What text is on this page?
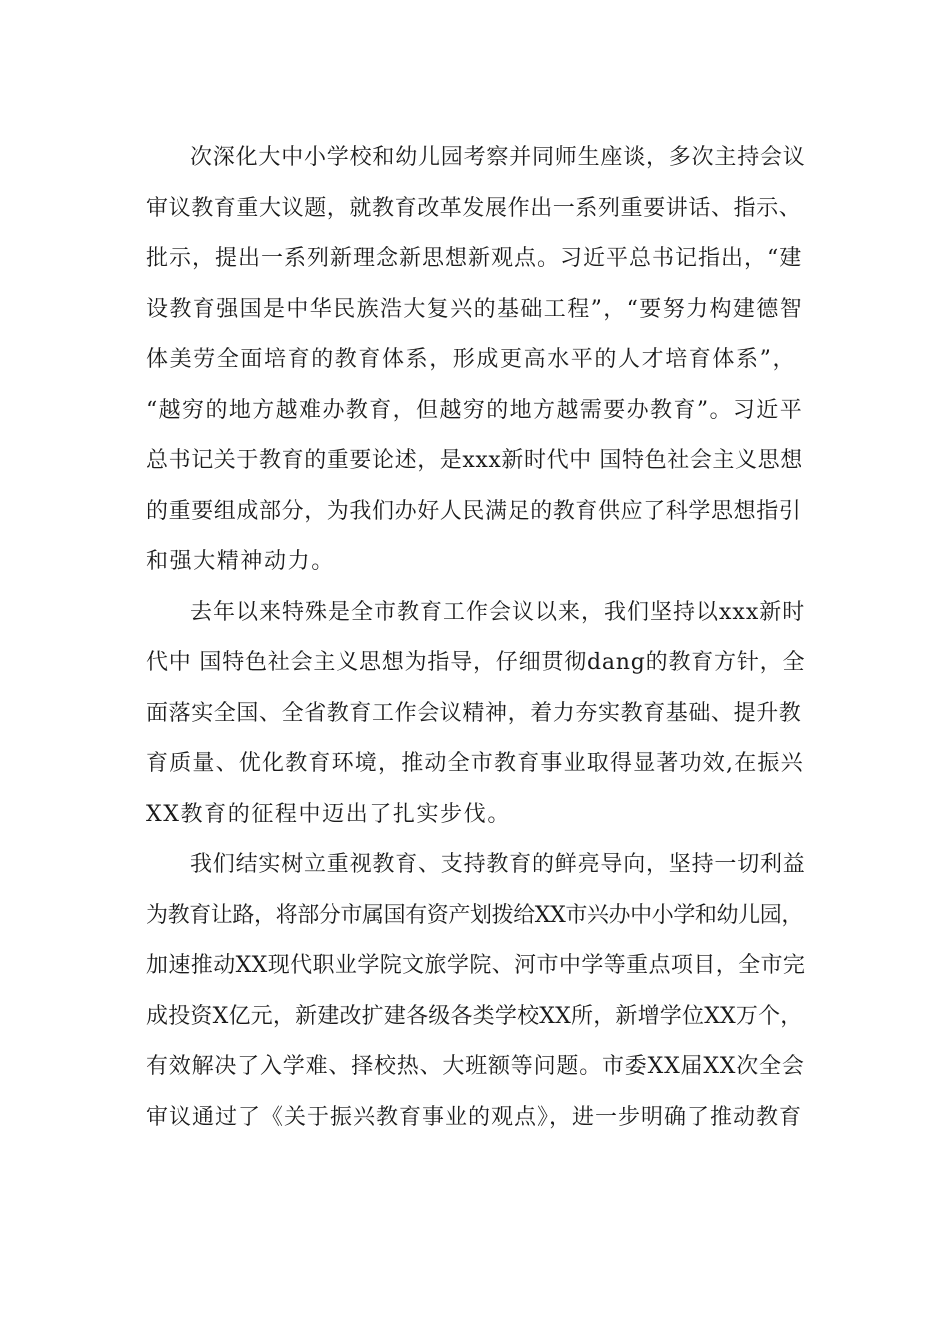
次深化大中小学校和幼儿园考察并同师生座谈，多次主持会议
审议教育重大议题，就教育改革发展作出一系列重要讲话、指示、
批示，提出一系列新理念新思想新观点。习近平总书记指出，“建
设教育强国是中华民族浩大复兴的基础工程”，“要努力构建德智
体美劳全面培育的教育体系，形成更高水平的人才培育体系”，
“越穷的地方越难办教育，但越穷的地方越需要办教育”。习近平
总书记关于教育的重要论述，是xxx新时代中 国特色社会主义思想
的重要组成部分，为我们办好人民满足的教育供应了科学思想指引
和强大精神动力。
去年以来特殊是全市教育工作会议以来，我们坚持以xxx新时
代中 国特色社会主义思想为指导，仔细贯彻dang的教育方针，全
面落实全国、全省教育工作会议精神，着力夯实教育基础、提升教
育质量、优化教育环境，推动全市教育事业取得显著功效,在振兴
XX教育的征程中迈出了扎实步伐。
我们结实树立重视教育、支持教育的鲜亮导向，坚持一切利益
为教育让路，将部分市属国有资产划拨给XX市兴办中小学和幼儿园，
加速推动XX现代职业学院文旅学院、河市中学等重点项目，全市完
成投资X亿元，新建改扩建各级各类学校XX所，新增学位XX万个，
有效解决了入学难、择校热、大班额等问题。市委XX届XX次全会
审议通过了《关于振兴教育事业的观点》，进一步明确了推动教育
